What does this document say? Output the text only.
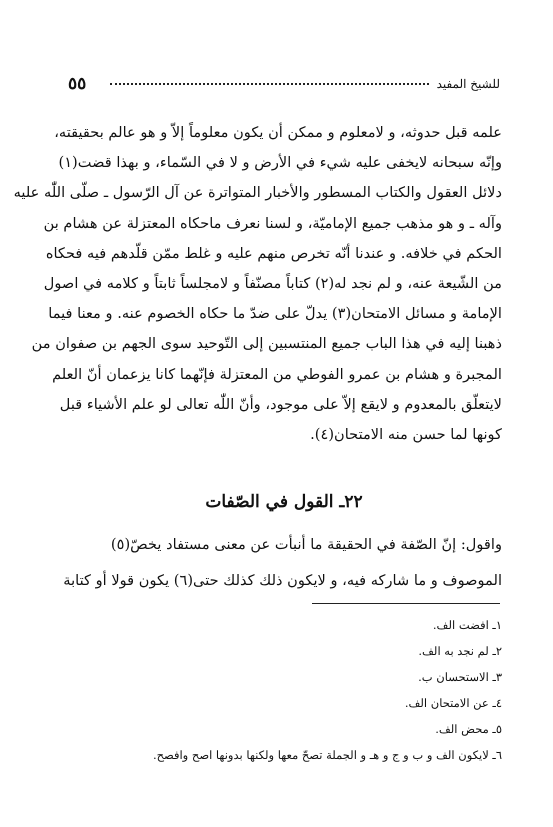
٥٥	للشيخ المفيد
علمه قبل حدوثه، و لامعلوم و ممكن أن يكون معلوماً إلاّ و هو عالم بحقيقته،
وإنّه سبحانه لايخفى عليه شيء في الأرض و لا في السّماء، و بهذا قضت(١)
دلائل العقول والكتاب المسطور والأخبار المتواترة عن آل الرّسول ـ صلّى اللّٰه عليه
وآله ـ و هو مذهب جميع الإماميّة، و لسنا نعرف ماحكاه المعتزلة عن هشام بن
الحكم في خلافه. و عندنا أنّه تخرص منهم عليه و غلط ممّن قلّدهم فيه فحكاه
من الشّيعة عنه، و لم نجد له(٢) كتاباً مصنّفاً و لامجلساً ثابتاً و كلامه في اصول
الإمامة و مسائل الامتحان(٣) يدلّ على ضدّ ما حكاه الخصوم عنه. و معنا فيما
ذهبنا إليه في هذا الباب جميع المنتسبين إلى التّوحيد سوى الجهم بن صفوان من
المجبرة و هشام بن عمرو الفوطي من المعتزلة فإنّهما كانا يزعمان أنّ العلم
لايتعلّق بالمعدوم و لايقع إلاّ على موجود، وأنّ اللّٰه تعالى لو علم الأشياء قبل
كونها لما حسن منه الامتحان(٤).
٢٢ـ القول في الصّفات
واقول: إنّ الصّفة في الحقيقة ما أنبأت عن معنى مستفاد يخصّ(٥)
الموصوف و ما شاركه فيه، و لايكون ذلك كذلك حتى(٦) يكون قولا أو كتابة
١ـ افضت الف.
٢ـ لم نجد به الف.
٣ـ الاستحسان ب.
٤ـ عن الامتحان الف.
٥ـ محض الف.
٦ـ لايكون الف و ب و ج و هـ و الجملة تصحّ معها ولكنها بدونها اصح وافصح.
